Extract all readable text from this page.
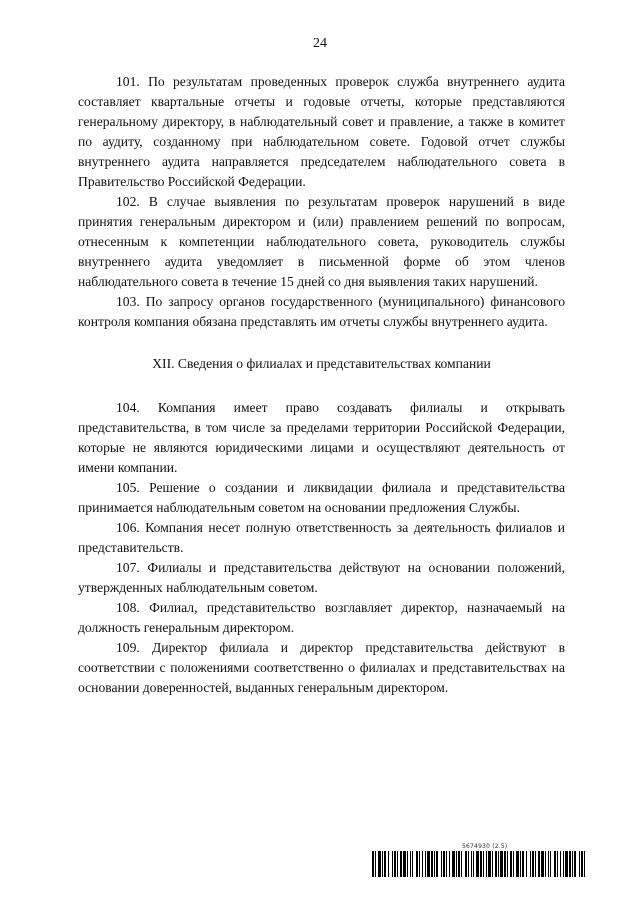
24

101. По результатам проведенных проверок служба внутреннего аудита составляет квартальные отчеты и годовые отчеты, которые представляются генеральному директору, в наблюдательный совет и правление, а также в комитет по аудиту, созданному при наблюдательном совете. Годовой отчет службы внутреннего аудита направляется председателем наблюдательного совета в Правительство Российской Федерации.

102. В случае выявления по результатам проверок нарушений в виде принятия генеральным директором и (или) правлением решений по вопросам, отнесенным к компетенции наблюдательного совета, руководитель службы внутреннего аудита уведомляет в письменной форме об этом членов наблюдательного совета в течение 15 дней со дня выявления таких нарушений.

103. По запросу органов государственного (муниципального) финансового контроля компания обязана представлять им отчеты службы внутреннего аудита.

XII. Сведения о филиалах и представительствах компании

104. Компания имеет право создавать филиалы и открывать представительства, в том числе за пределами территории Российской Федерации, которые не являются юридическими лицами и осуществляют деятельность от имени компании.

105. Решение о создании и ликвидации филиала и представительства принимается наблюдательным советом на основании предложения Службы.

106. Компания несет полную ответственность за деятельность филиалов и представительств.

107. Филиалы и представительства действуют на основании положений, утвержденных наблюдательным советом.

108. Филиал, представительство возглавляет директор, назначаемый на должность генеральным директором.

109. Директор филиала и директор представительства действуют в соответствии с положениями соответственно о филиалах и представительствах на основании доверенностей, выданных генеральным директором.

5674930 (2.5)
